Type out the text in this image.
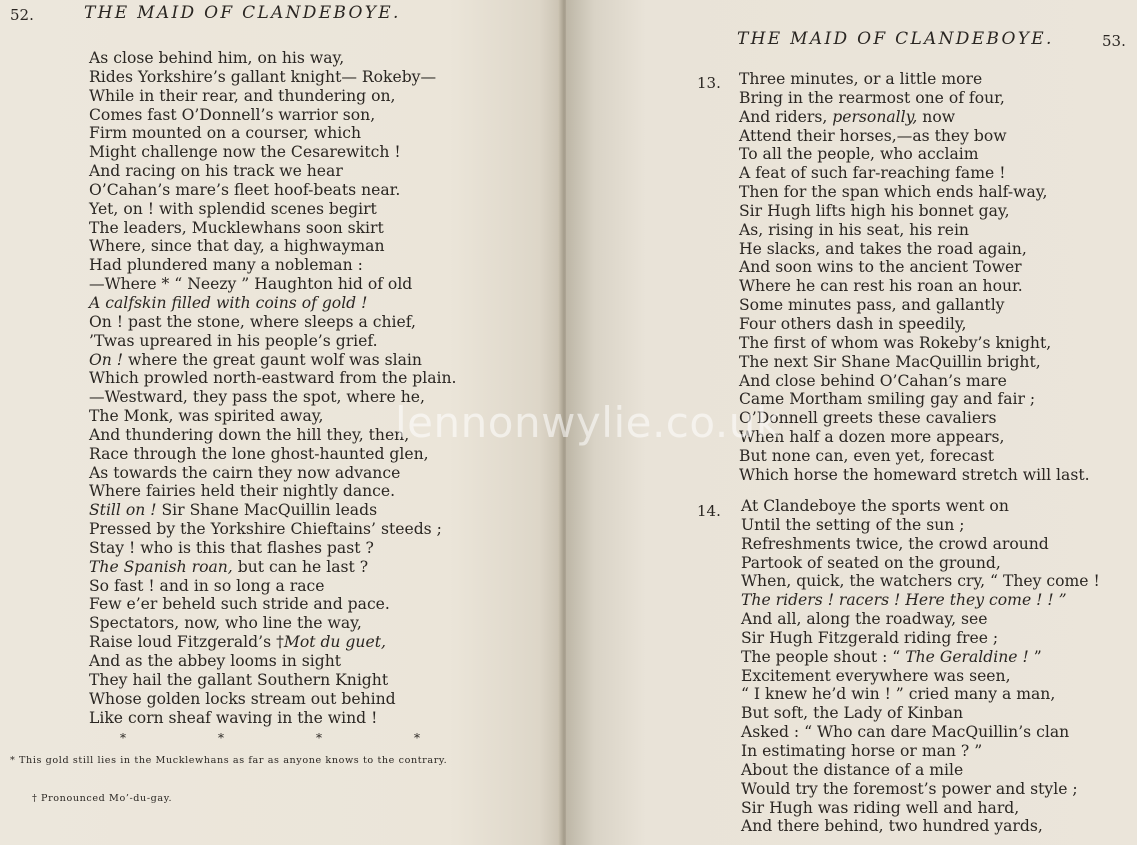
52.	THE MAID OF CLANDEBOYE.
As close behind him, on his way,
Rides Yorkshire’s gallant knight— Rokeby—
While in their rear, and thundering on,
Comes fast O’Donnell’s warrior son,
Firm mounted on a courser, which
Might challenge now the Cesarewitch !
And racing on his track we hear
O’Cahan’s mare’s fleet hoof-beats near.
Yet, on ! with splendid scenes begirt
The leaders, Mucklewhans soon skirt
Where, since that day, a highwayman
Had plundered many a nobleman :
—Where * “ Neezy ” Haughton hid of old
A calfskin filled with coins of gold !
On ! past the stone, where sleeps a chief,
’Twas upreared in his people’s grief.
On ! where the great gaunt wolf was slain
Which prowled north-eastward from the plain.
—Westward, they pass the spot, where he,
The Monk, was spirited away,
And thundering down the hill they, then,
Race through the lone ghost-haunted glen,
As towards the cairn they now advance
Where fairies held their nightly dance.
Still on ! Sir Shane MacQuillin leads
Pressed by the Yorkshire Chieftains’ steeds ;
Stay ! who is this that flashes past ?
The Spanish roan, but can he last ?
So fast ! and in so long a race
Few e’er beheld such stride and pace.
Spectators, now, who line the way,
Raise loud Fitzgerald’s †Mot du guet,
And as the abbey looms in sight
They hail the gallant Southern Knight
Whose golden locks stream out behind
Like corn sheaf waving in the wind !
*	*	*	*
* This gold still lies in the Mucklewhans as far as anyone knows to the contrary.
† Pronounced Mo’-du-gay.
THE MAID OF CLANDEBOYE.	53.
13. Three minutes, or a little more
Bring in the rearmost one of four,
And riders, personally, now
Attend their horses,—as they bow
To all the people, who acclaim
A feat of such far-reaching fame !
Then for the span which ends half-way,
Sir Hugh lifts high his bonnet gay,
As, rising in his seat, his rein
He slacks, and takes the road again,
And soon wins to the ancient Tower
Where he can rest his roan an hour.
Some minutes pass, and gallantly
Four others dash in speedily,
The first of whom was Rokeby’s knight,
The next Sir Shane MacQuillin bright,
And close behind O’Cahan’s mare
Came Mortham smiling gay and fair ;
O’Donnell greets these cavaliers
When half a dozen more appears,
But none can, even yet, forecast
Which horse the homeward stretch will last.
14. At Clandeboye the sports went on
Until the setting of the sun ;
Refreshments twice, the crowd around
Partook of seated on the ground,
When, quick, the watchers cry, “ They come !
The riders ! racers ! Here they come ! ! ”
And all, along the roadway, see
Sir Hugh Fitzgerald riding free ;
The people shout : “ The Geraldine ! ”
Excitement everywhere was seen,
“ I knew he’d win ! ” cried many a man,
But soft, the Lady of Kinban
Asked : “ Who can dare MacQuillin’s clan
In estimating horse or man ? ”
About the distance of a mile
Would try the foremost’s power and style ;
Sir Hugh was riding well and hard,
And there behind, two hundred yards,
lennonwylie.co.uk
